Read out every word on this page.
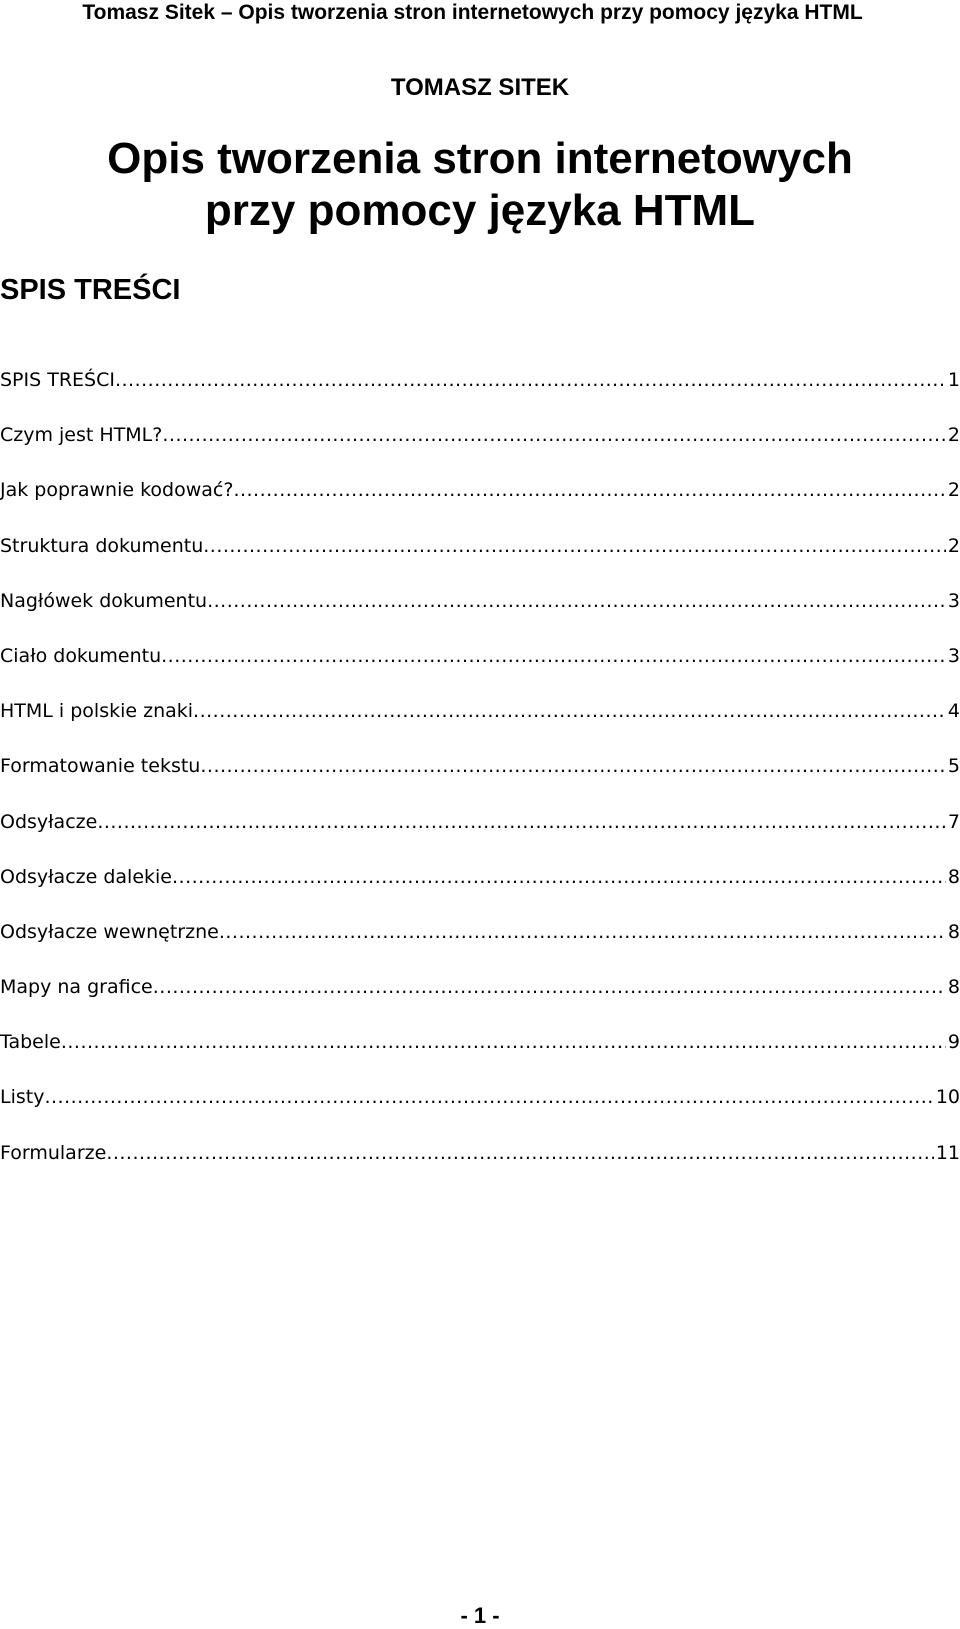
Tomasz Sitek – Opis tworzenia stron internetowych przy pomocy języka HTML
TOMASZ SITEK
Opis tworzenia stron internetowych
przy pomocy języka HTML
SPIS TREŚCI
SPIS TREŚCI .....	1
Czym jest HTML? .....	2
Jak poprawnie kodować? .....	2
Struktura dokumentu .....	2
Nagłówek dokumentu .....	3
Ciało dokumentu .....	3
HTML i polskie znaki .....	4
Formatowanie tekstu .....	5
Odsyłacze .....	7
Odsyłacze dalekie .....	8
Odsyłacze wewnętrzne .....	8
Mapy na grafice .....	8
Tabele .....	9
Listy .....	10
Formularze .....	11
- 1 -
